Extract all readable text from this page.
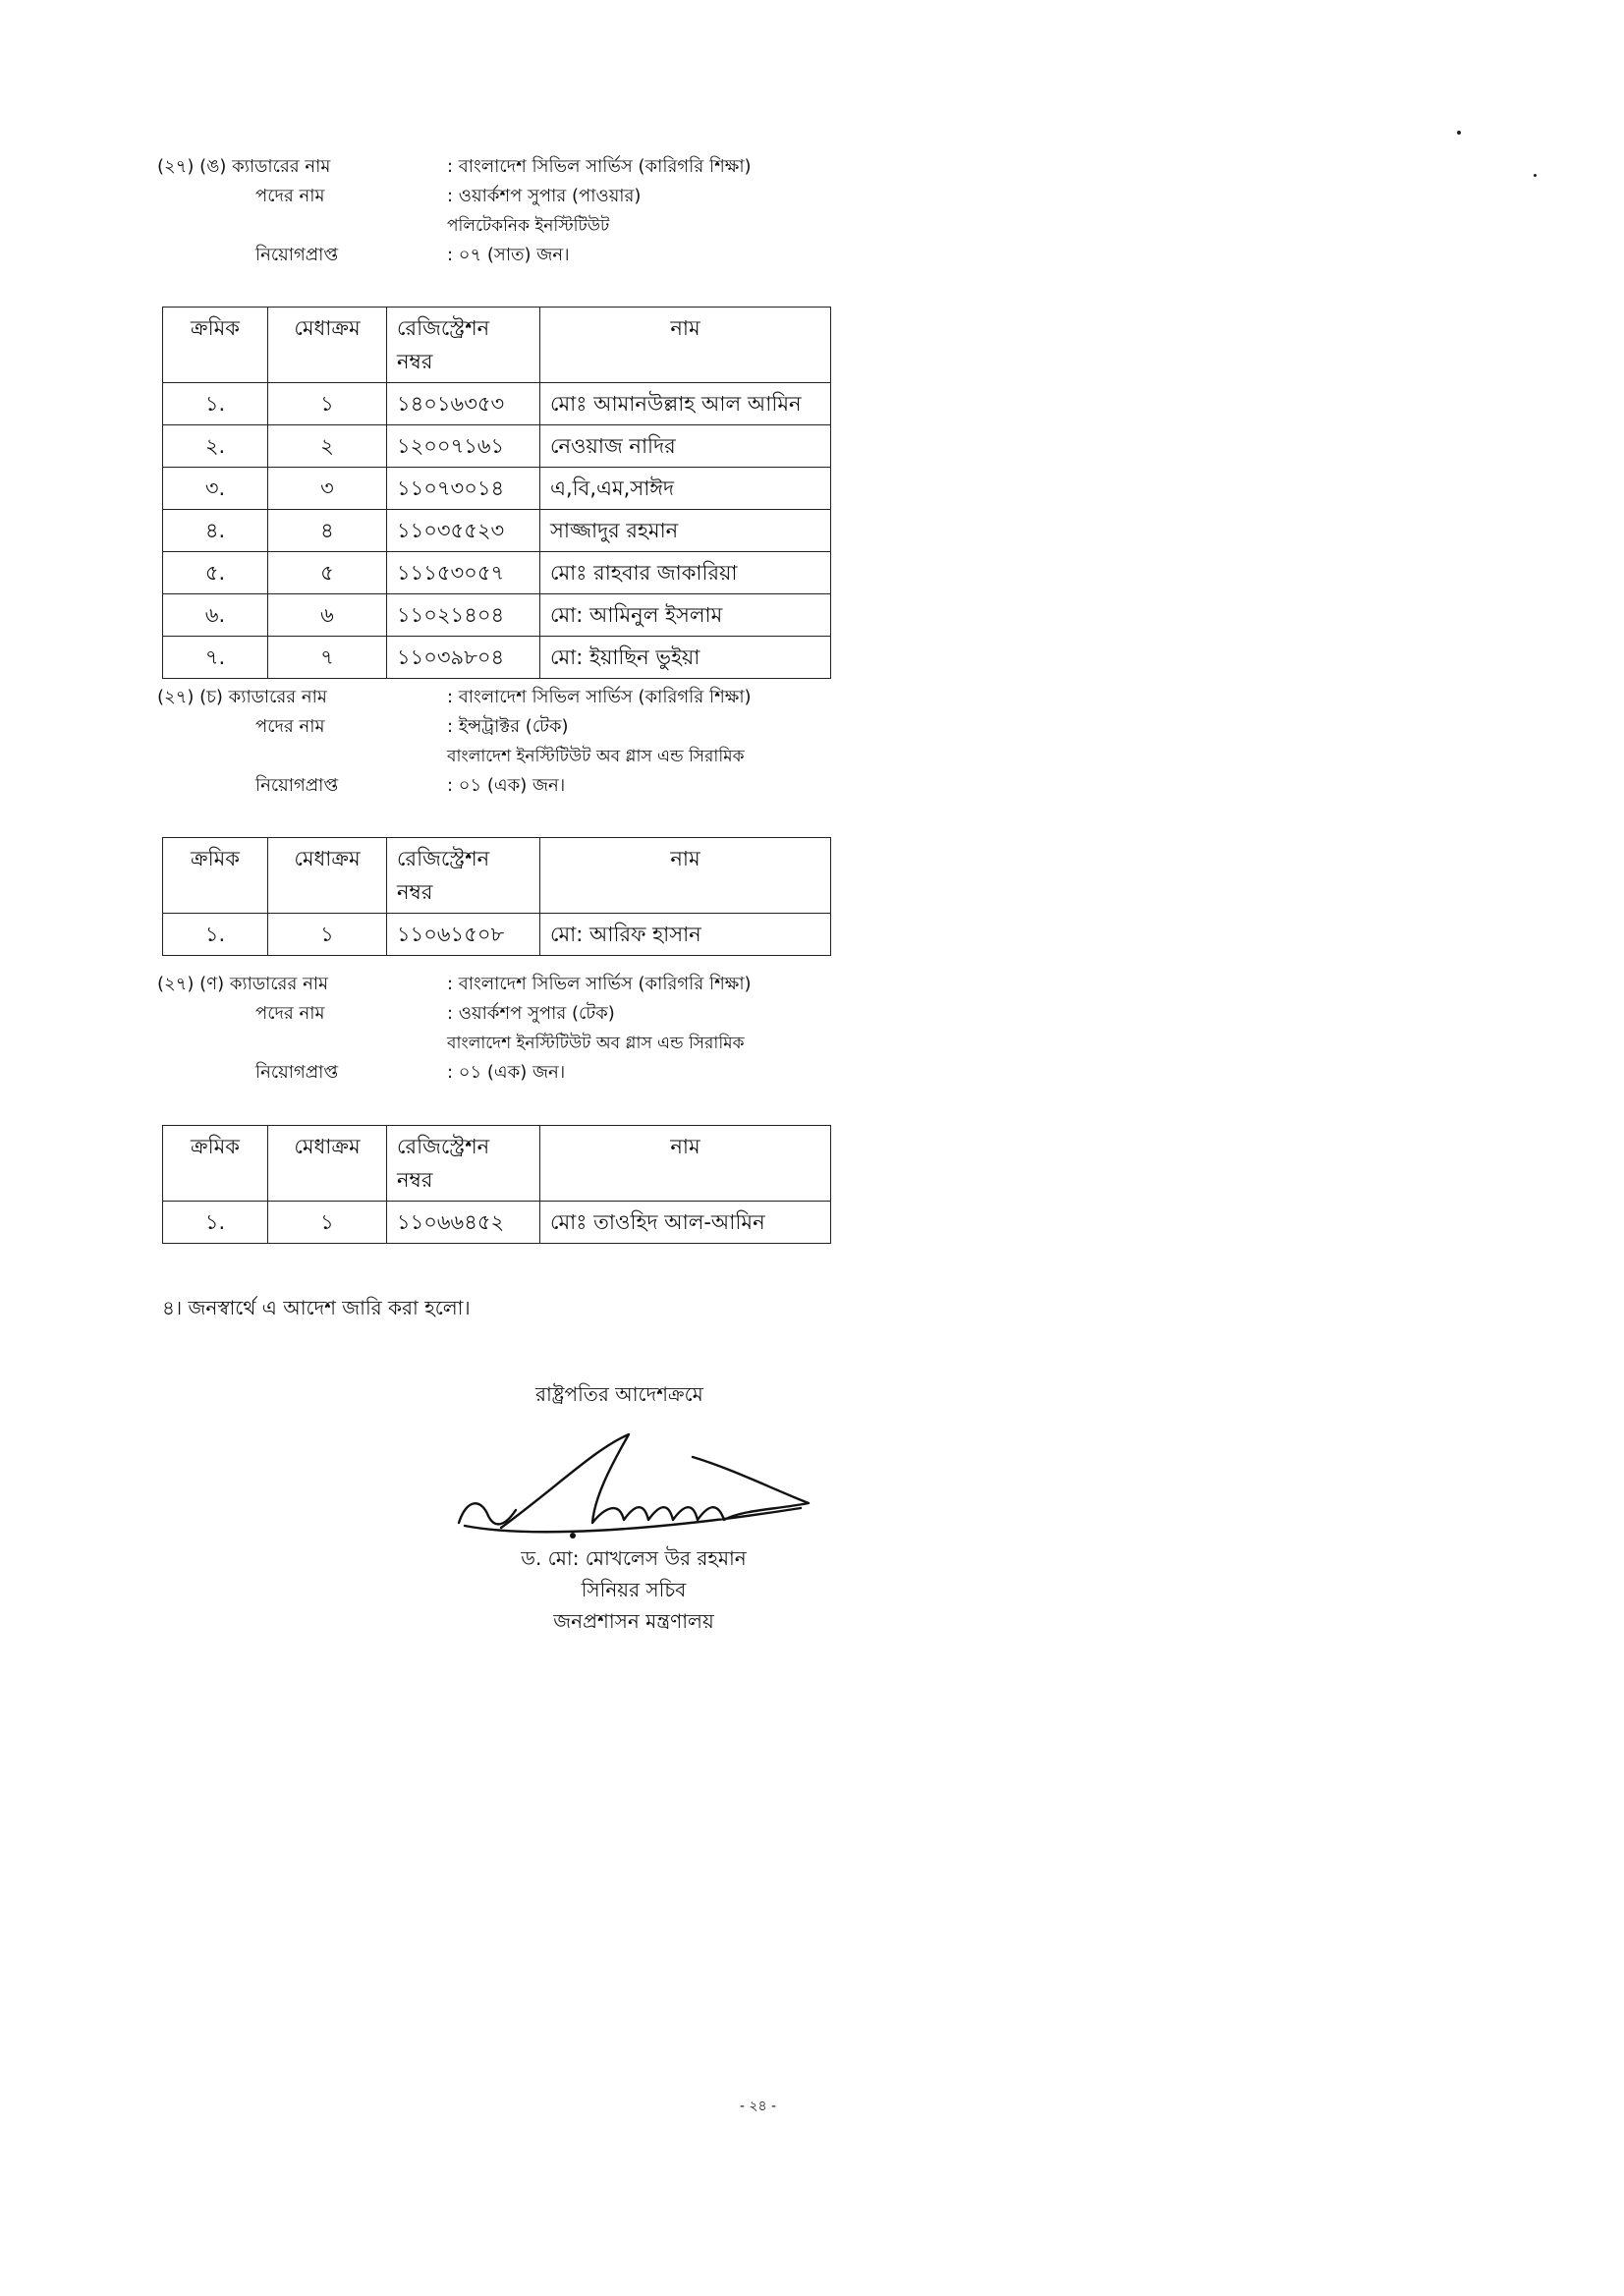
(২৭) (ঙ) ক্যাডারের নাম	: বাংলাদেশ সিভিল সার্ভিস (কারিগরি শিক্ষা)
পদের নাম	: ওয়ার্কশপ সুপার (পাওয়ার)
পলিটেকনিক ইনস্টিটিউট
নিয়োগপ্রাপ্ত	: ০৭ (সাত) জন।
ক্রমিক	মেধাক্রম	রেজিস্ট্রেশন নম্বর	নাম
১.	১	১৪০১৬৩৫৩	মোঃ আমানউল্লাহ আল আমিন
২.	২	১২০০৭১৬১	নেওয়াজ নাদির
৩.	৩	১১০৭৩০১৪	এ,বি,এম,সাঈদ
৪.	৪	১১০৩৫৫২৩	সাজ্জাদুর রহমান
৫.	৫	১১১৫৩০৫৭	মোঃ রাহবার জাকারিয়া
৬.	৬	১১০২১৪০৪	মো: আমিনুল ইসলাম
৭.	৭	১১০৩৯৮০৪	মো: ইয়াছিন ভুইয়া
(২৭) (চ) ক্যাডারের নাম	: বাংলাদেশ সিভিল সার্ভিস (কারিগরি শিক্ষা)
পদের নাম	: ইন্সট্রাক্টর (টেক)
বাংলাদেশ ইনস্টিটিউট অব গ্লাস এন্ড সিরামিক
নিয়োগপ্রাপ্ত	: ০১ (এক) জন।
ক্রমিক	মেধাক্রম	রেজিস্ট্রেশন নম্বর	নাম
১.	১	১১০৬১৫০৮	মো: আরিফ হাসান
(২৭) (ণ) ক্যাডারের নাম	: বাংলাদেশ সিভিল সার্ভিস (কারিগরি শিক্ষা)
পদের নাম	: ওয়ার্কশপ সুপার (টেক)
বাংলাদেশ ইনস্টিটিউট অব গ্লাস এন্ড সিরামিক
নিয়োগপ্রাপ্ত	: ০১ (এক) জন।
ক্রমিক	মেধাক্রম	রেজিস্ট্রেশন নম্বর	নাম
১.	১	১১০৬৬৪৫২	মোঃ তাওহিদ আল-আমিন
৪। জনস্বার্থে এ আদেশ জারি করা হলো।
রাষ্ট্রপতির আদেশক্রমে
ড. মো: মোখলেস উর রহমান
সিনিয়র সচিব
জনপ্রশাসন মন্ত্রণালয়
- ২৪ -
